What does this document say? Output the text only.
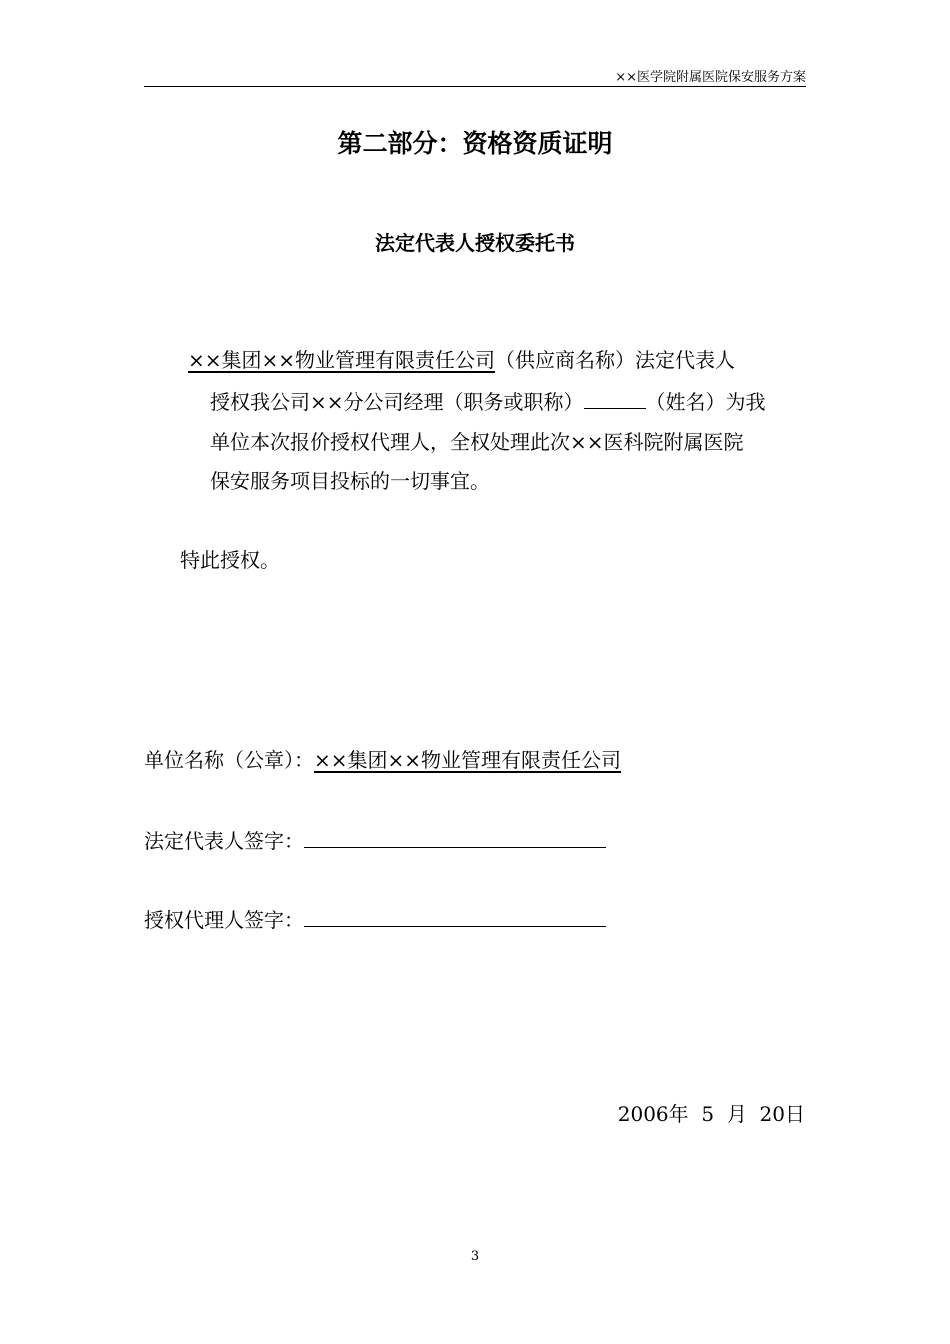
××医学院附属医院保安服务方案
第二部分：资格资质证明
法定代表人授权委托书
××集团××物业管理有限责任公司（供应商名称）法定代表人
授权我公司××分公司经理（职务或职称）	（姓名）为我
单位本次报价授权代理人，全权处理此次××医科院附属医院
保安服务项目投标的一切事宜。
特此授权。
单位名称（公章）：××集团××物业管理有限责任公司
法定代表人签字：
授权代理人签字：
2006年 5 月 20日
3
